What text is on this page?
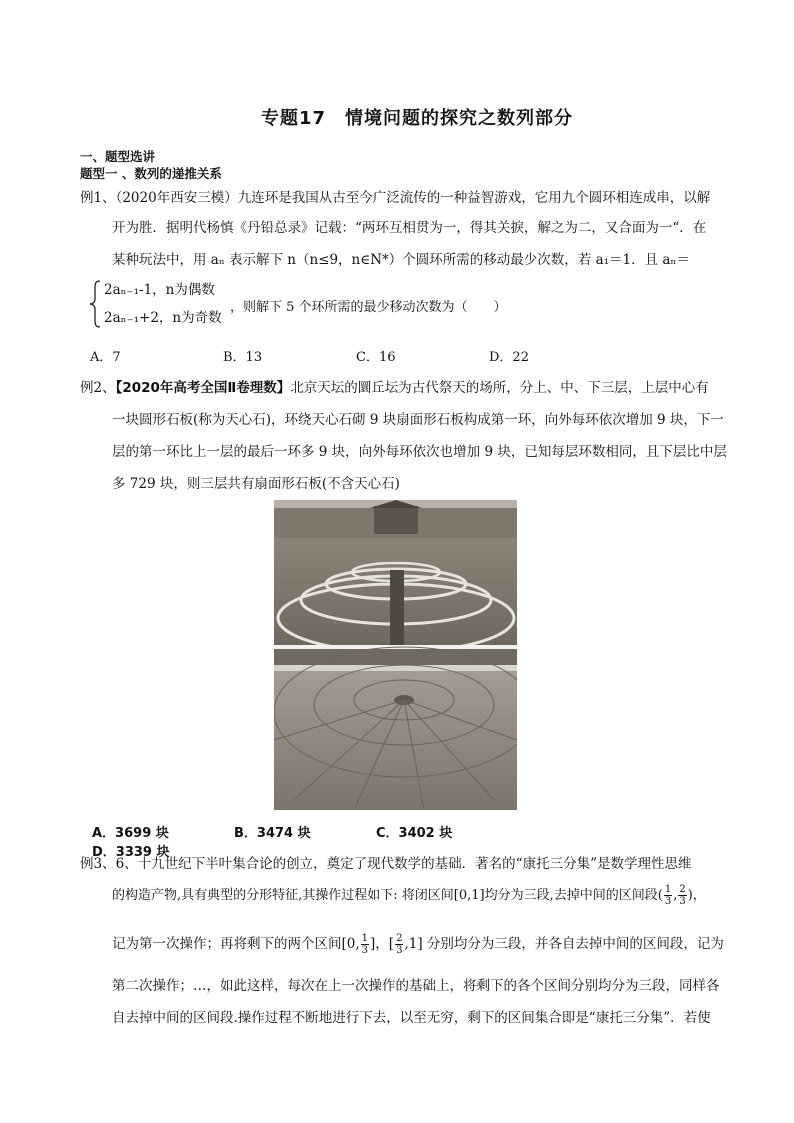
专题17　情境问题的探究之数列部分
一、题型选讲
题型一 、数列的递推关系
例1、（2020年西安三模）九连环是我国从古至今广泛流传的一种益智游戏，它用九个圆环相连成串，以解
开为胜．据明代杨慎《丹铅总录》记载：“两环互相贯为一，得其关捩，解之为二，又合面为一“．在
某种玩法中，用 aₙ 表示解下 n（n≤9，n∈N*）个圆环所需的移动最少次数，若 a₁＝1．且 aₙ＝
2aₙ₋₁-1，n为偶数
2aₙ₋₁+2，n为奇数
，则解下 5 个环所需的最少移动次数为（　　）
A．7	B．13	C．16	D．22
例2、【2020年高考全国Ⅱ卷理数】北京天坛的圜丘坛为古代祭天的场所，分上、中、下三层，上层中心有
一块圆形石板(称为天心石)，环绕天心石砌 9 块扇面形石板构成第一环，向外每环依次增加 9 块，下一
层的第一环比上一层的最后一环多 9 块，向外每环依次也增加 9 块，已知每层环数相同，且下层比中层
多 729 块，则三层共有扇面形石板(不含天心石)
A．3699 块	B．3474 块	C．3402 块D．3339 块
例3、6、十九世纪下半叶集合论的创立，奠定了现代数学的基础．著名的“康托三分集”是数学理性思维
的构造产物,具有典型的分形特征,其操作过程如下: 将闭区间[0,1]均分为三段,去掉中间的区间段( $\frac{1}{3}$ , $\frac{2}{3}$ )，
记为第一次操作；再将剩下的两个区间[0, $\frac{1}{3}$ ]，[ $\frac{2}{3} ,1$] 分别均分为三段，并各自去掉中间的区间段，记为
第二次操作；…，如此这样，每次在上一次操作的基础上，将剩下的各个区间分别均分为三段，同样各
自去掉中间的区间段.操作过程不断地进行下去，以至无穷，剩下的区间集合即是“康托三分集”．若使
